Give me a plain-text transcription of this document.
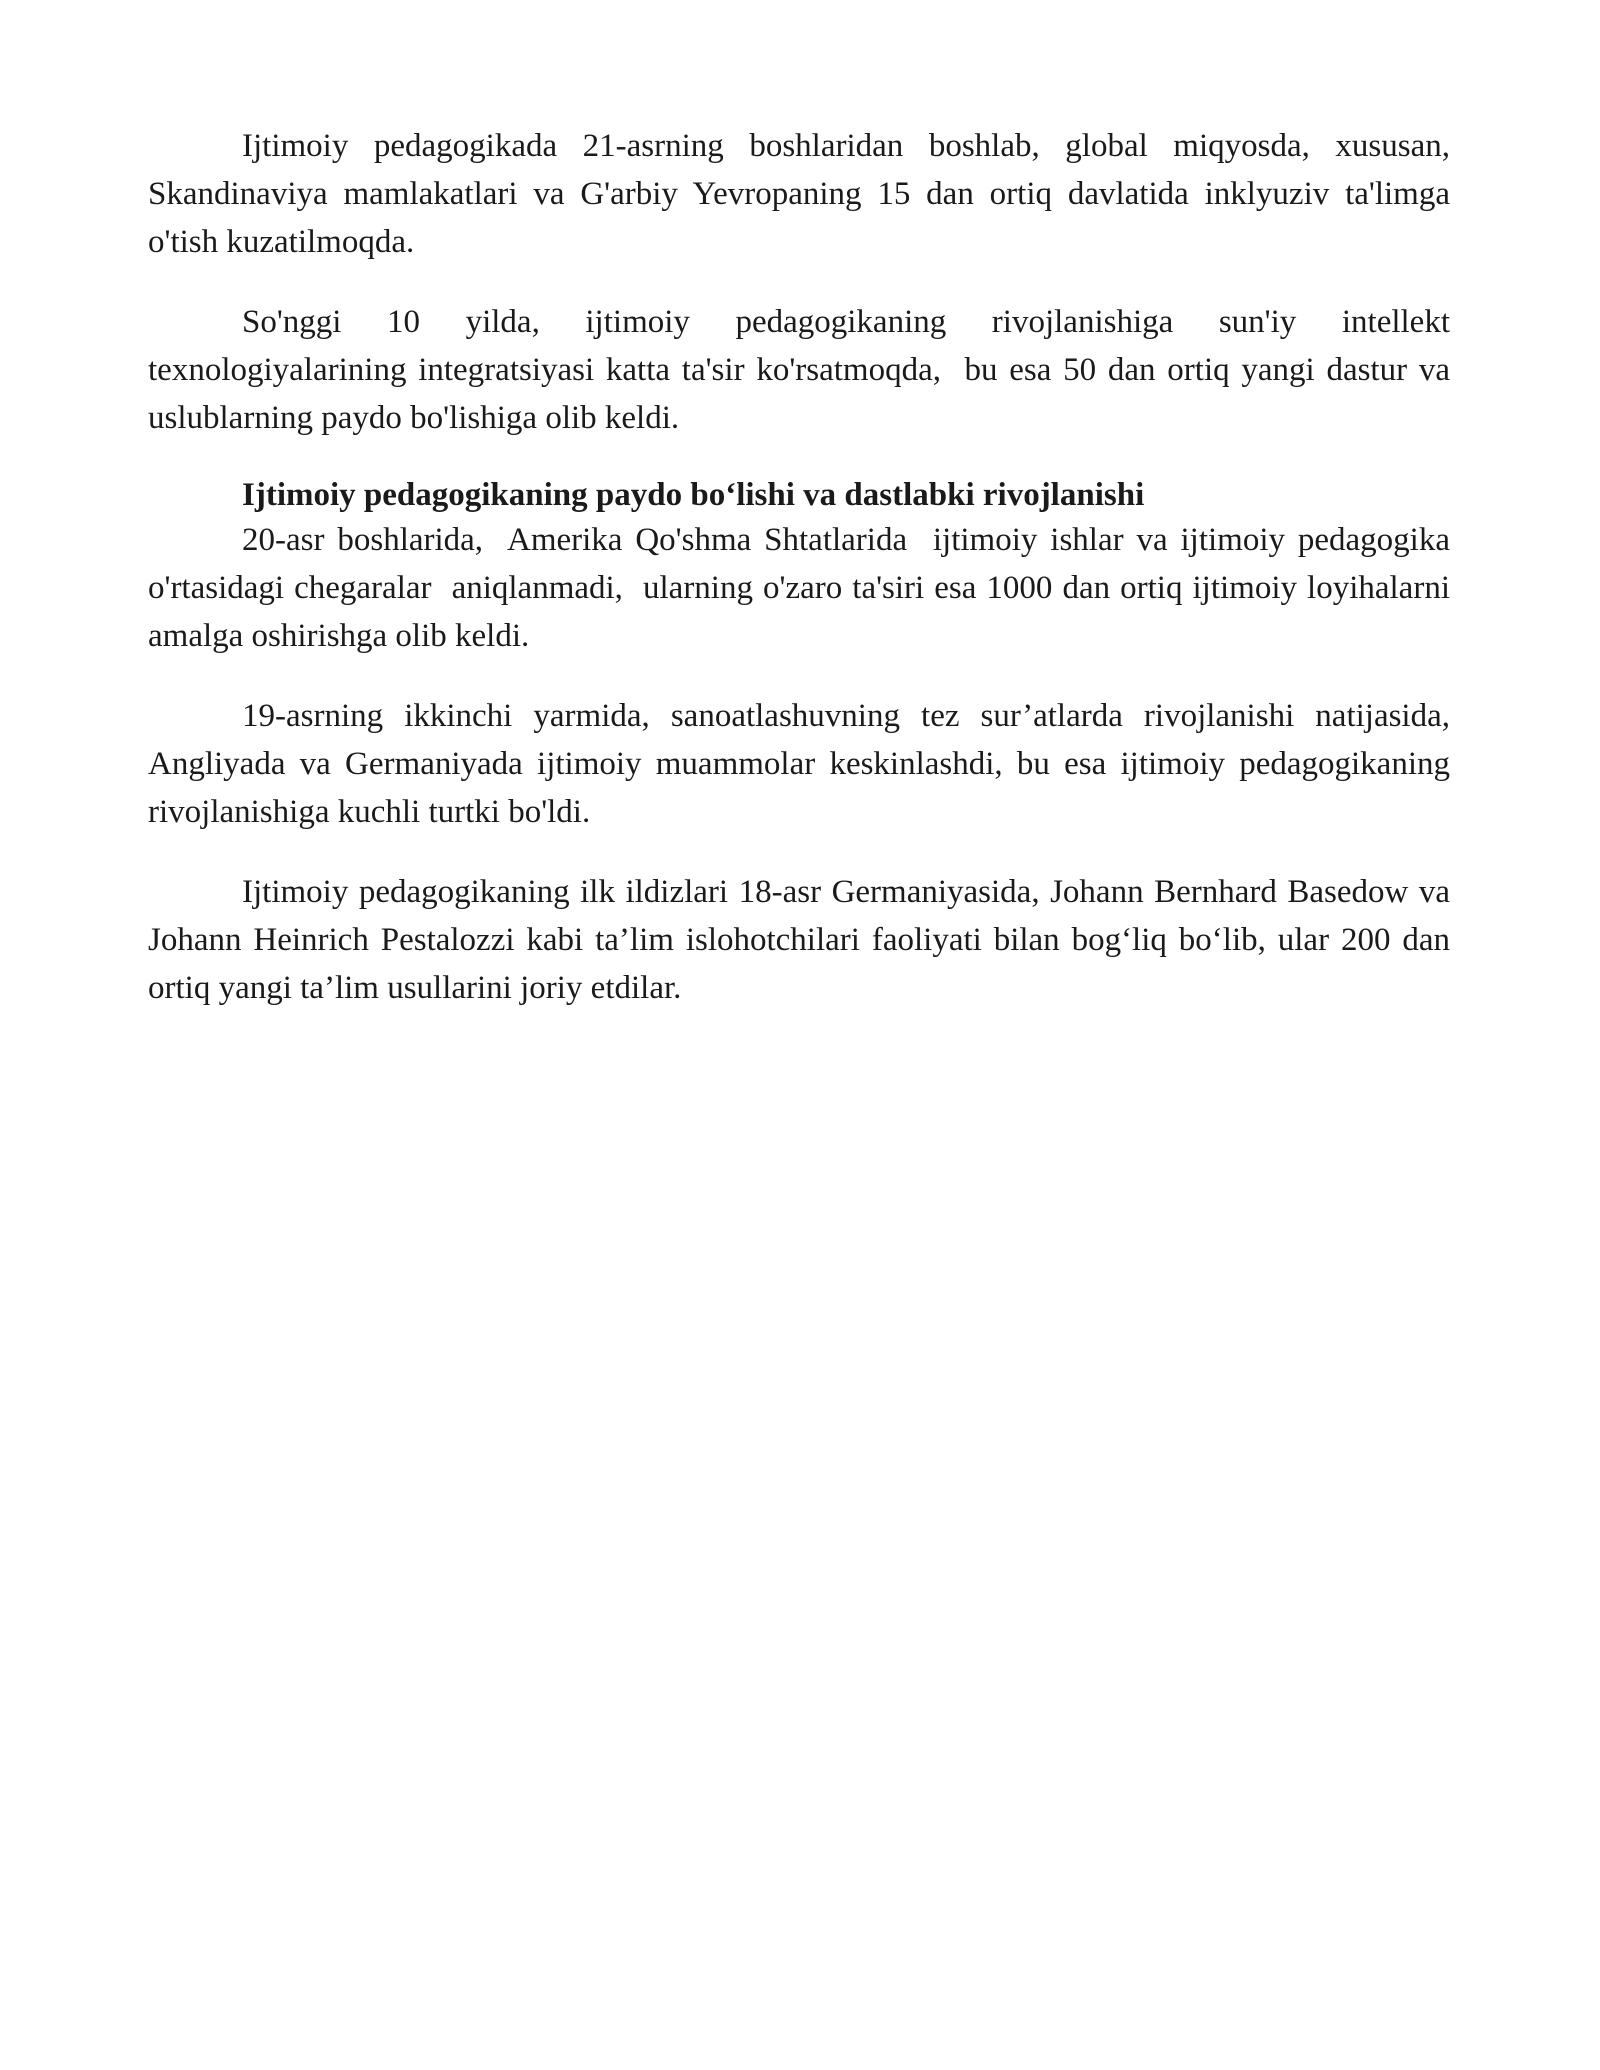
Ijtimoiy pedagogikada 21-asrning boshlaridan boshlab, global miqyosda, xususan, Skandinaviya mamlakatlari va G'arbiy Yevropaning 15 dan ortiq davlatida inklyuziv ta'limga o'tish kuzatilmoqda.

So'nggi 10 yilda, ijtimoiy pedagogikaning rivojlanishiga sun'iy intellekt texnologiyalarining integratsiyasi katta ta'sir ko'rsatmoqda,  bu esa 50 dan ortiq yangi dastur va uslublarning paydo bo'lishiga olib keldi.

Ijtimoiy pedagogikaning paydo bo‘lishi va dastlabki rivojlanishi

20-asr boshlarida,  Amerika Qo'shma Shtatlarida  ijtimoiy ishlar va ijtimoiy pedagogika o'rtasidagi chegaralar  aniqlanmadi,  ularning o'zaro ta'siri esa 1000 dan ortiq ijtimoiy loyihalarni amalga oshirishga olib keldi.

19-asrning ikkinchi yarmida, sanoatlashuvning tez sur’atlarda rivojlanishi natijasida, Angliyada va Germaniyada ijtimoiy muammolar keskinlashdi, bu esa ijtimoiy pedagogikaning rivojlanishiga kuchli turtki bo'ldi.

Ijtimoiy pedagogikaning ilk ildizlari 18-asr Germaniyasida, Johann Bernhard Basedow va  Johann Heinrich Pestalozzi kabi ta’lim islohotchilari faoliyati bilan bog‘liq bo‘lib, ular 200 dan ortiq yangi ta’lim usullarini joriy etdilar.
